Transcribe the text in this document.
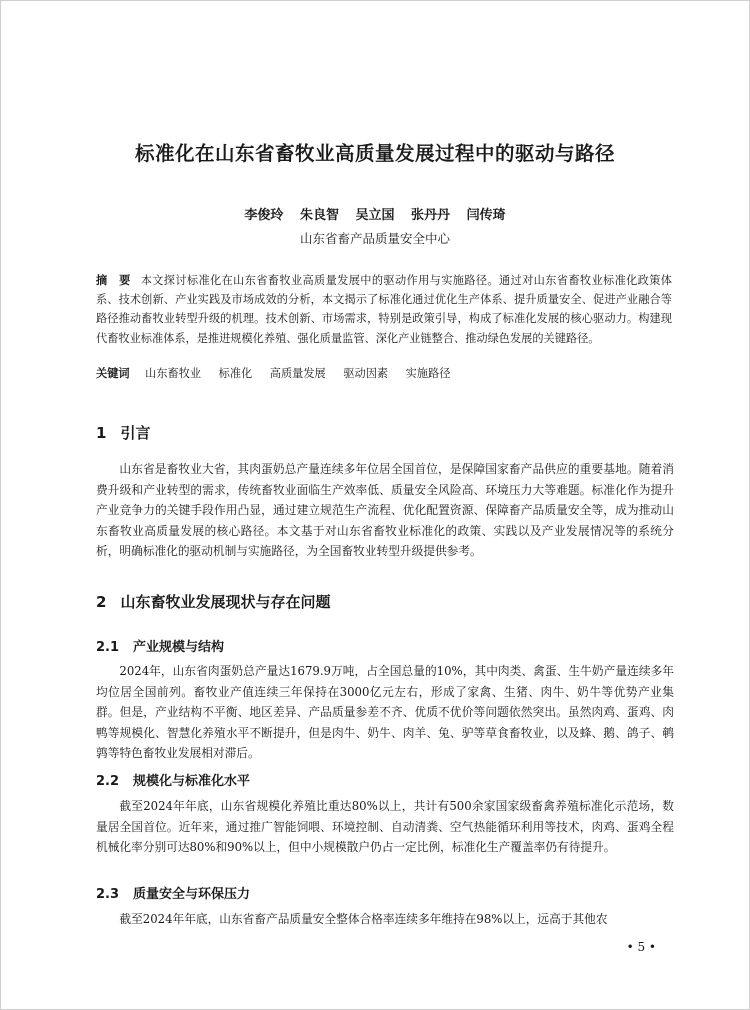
标准化在山东省畜牧业高质量发展过程中的驱动与路径
李俊玲 朱良智 吴立国 张丹丹 闫传琦
山东省畜产品质量安全中心
摘　要 本文探讨标准化在山东省畜牧业高质量发展中的驱动作用与实施路径。通过对山东省畜牧业标准化政策体系、技术创新、产业实践及市场成效的分析，本文揭示了标准化通过优化生产体系、提升质量安全、促进产业融合等路径推动畜牧业转型升级的机理。技术创新、市场需求，特别是政策引导，构成了标准化发展的核心驱动力。构建现代畜牧业标准体系，是推进规模化养殖、强化质量监管、深化产业链整合、推动绿色发展的关键路径。
关键词 山东畜牧业 标准化 高质量发展 驱动因素 实施路径
1 引言
山东省是畜牧业大省，其肉蛋奶总产量连续多年位居全国首位，是保障国家畜产品供应的重要基地。随着消费升级和产业转型的需求，传统畜牧业面临生产效率低、质量安全风险高、环境压力大等难题。标准化作为提升产业竞争力的关键手段作用凸显，通过建立规范生产流程、优化配置资源、保障畜产品质量安全等，成为推动山东畜牧业高质量发展的核心路径。本文基于对山东省畜牧业标准化的政策、实践以及产业发展情况等的系统分析，明确标准化的驱动机制与实施路径，为全国畜牧业转型升级提供参考。
2 山东畜牧业发展现状与存在问题
2.1 产业规模与结构
2024年，山东省肉蛋奶总产量达1679.9万吨，占全国总量的10%，其中肉类、禽蛋、生牛奶产量连续多年均位居全国前列。畜牧业产值连续三年保持在3000亿元左右，形成了家禽、生猪、肉牛、奶牛等优势产业集群。但是，产业结构不平衡、地区差异、产品质量参差不齐、优质不优价等问题依然突出。虽然肉鸡、蛋鸡、肉鸭等规模化、智慧化养殖水平不断提升，但是肉牛、奶牛、肉羊、兔、驴等草食畜牧业，以及蜂、鹅、鸽子、鹌鹑等特色畜牧业发展相对滞后。
2.2 规模化与标准化水平
截至2024年年底，山东省规模化养殖比重达80%以上，共计有500余家国家级畜禽养殖标准化示范场，数量居全国首位。近年来，通过推广智能饲喂、环境控制、自动清粪、空气热能循环利用等技术，肉鸡、蛋鸡全程机械化率分别可达80%和90%以上，但中小规模散户仍占一定比例，标准化生产覆盖率仍有待提升。
2.3 质量安全与环保压力
截至2024年年底，山东省畜产品质量安全整体合格率连续多年维持在98%以上，远高于其他农
• 5 •
